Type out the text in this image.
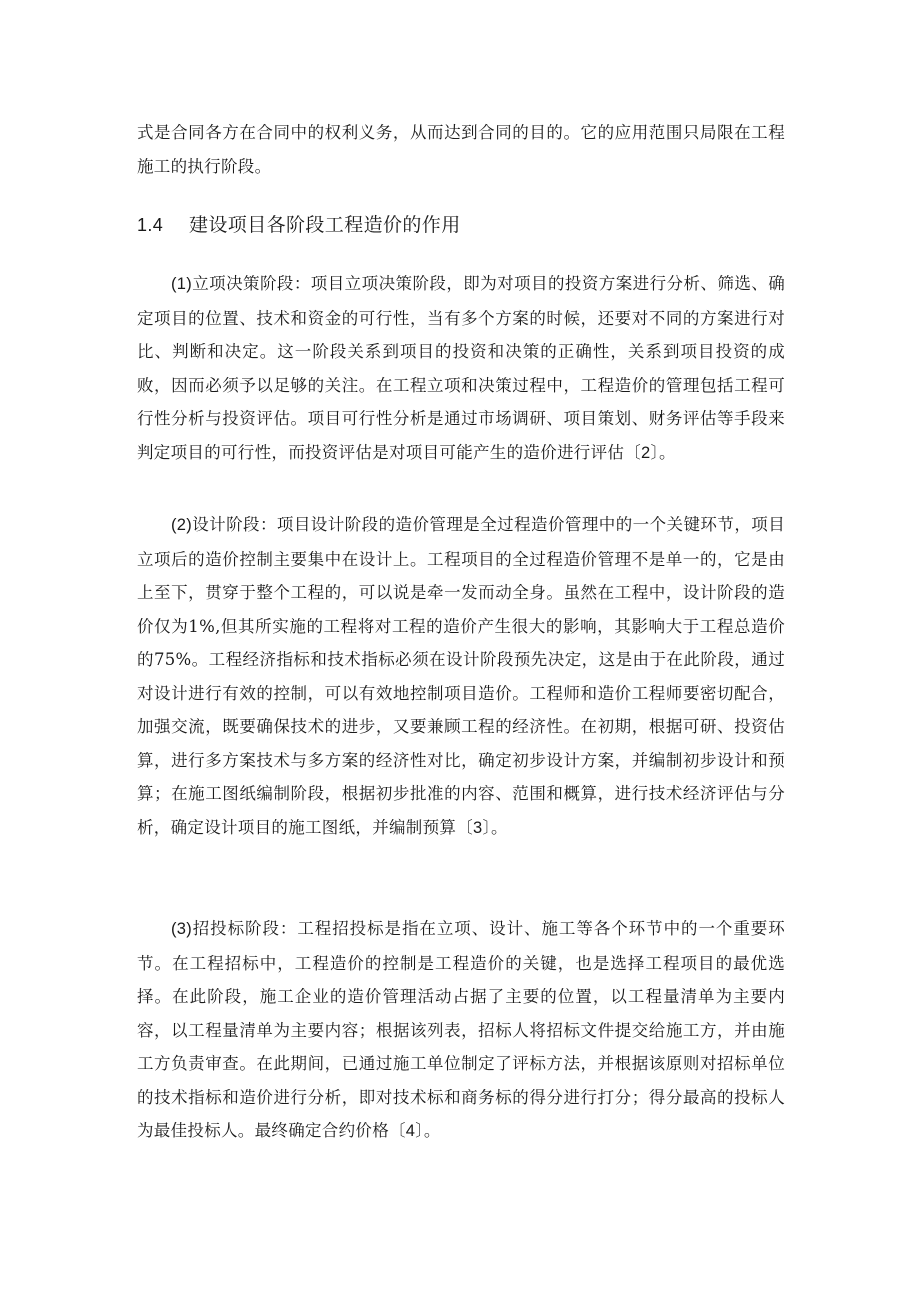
式是合同各方在合同中的权利义务，从而达到合同的目的。它的应用范围只局限在工程施工的执行阶段。

1.4 建设项目各阶段工程造价的作用

(1)立项决策阶段：项目立项决策阶段，即为对项目的投资方案进行分析、筛选、确定项目的位置、技术和资金的可行性，当有多个方案的时候，还要对不同的方案进行对比、判断和决定。这一阶段关系到项目的投资和决策的正确性，关系到项目投资的成败，因而必须予以足够的关注。在工程立项和决策过程中，工程造价的管理包括工程可行性分析与投资评估。项目可行性分析是通过市场调研、项目策划、财务评估等手段来判定项目的可行性，而投资评估是对项目可能产生的造价进行评估〔2〕。

(2)设计阶段：项目设计阶段的造价管理是全过程造价管理中的一个关键环节，项目立项后的造价控制主要集中在设计上。工程项目的全过程造价管理不是单一的，它是由上至下，贯穿于整个工程的，可以说是牵一发而动全身。虽然在工程中，设计阶段的造价仅为1%,但其所实施的工程将对工程的造价产生很大的影响，其影响大于工程总造价的75%。工程经济指标和技术指标必须在设计阶段预先决定，这是由于在此阶段，通过对设计进行有效的控制，可以有效地控制项目造价。工程师和造价工程师要密切配合，加强交流，既要确保技术的进步，又要兼顾工程的经济性。在初期，根据可研、投资估算，进行多方案技术与多方案的经济性对比，确定初步设计方案，并编制初步设计和预算；在施工图纸编制阶段，根据初步批准的内容、范围和概算，进行技术经济评估与分析，确定设计项目的施工图纸，并编制预算〔3〕。

(3)招投标阶段：工程招投标是指在立项、设计、施工等各个环节中的一个重要环节。在工程招标中，工程造价的控制是工程造价的关键，也是选择工程项目的最优选择。在此阶段，施工企业的造价管理活动占据了主要的位置，以工程量清单为主要内容，以工程量清单为主要内容；根据该列表，招标人将招标文件提交给施工方，并由施工方负责审查。在此期间，已通过施工单位制定了评标方法，并根据该原则对招标单位的技术指标和造价进行分析，即对技术标和商务标的得分进行打分；得分最高的投标人为最佳投标人。最终确定合约价格〔4〕。
